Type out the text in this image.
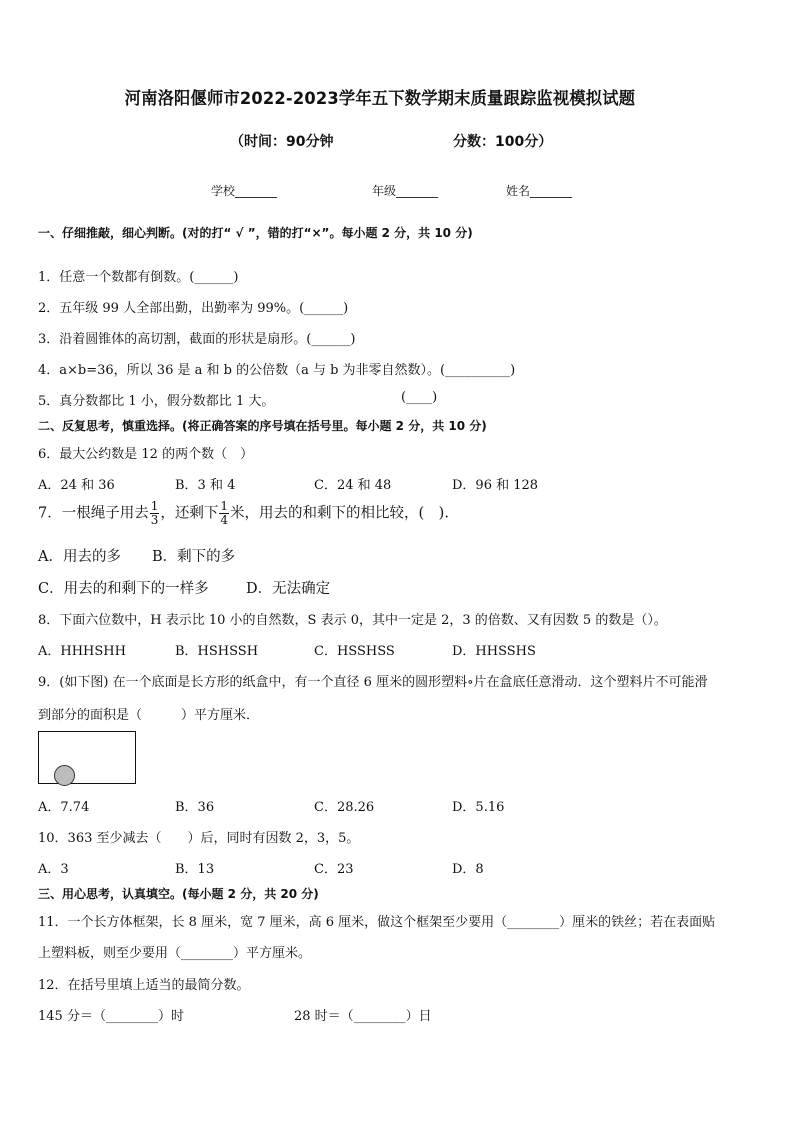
河南洛阳偃师市2022-2023学年五下数学期末质量跟踪监视模拟试题
（时间：90分钟	分数：100分）
学校_______	年级_______	姓名_______
一、仔细推敲，细心判断。(对的打“ √ ”，错的打“×”。每小题 2 分，共 10 分)
1．任意一个数都有倒数。(______)
2．五年级 99 人全部出勤，出勤率为 99%。(______)
3．沿着圆锥体的高切割，截面的形状是扇形。(______)
4．a×b=36，所以 36 是 a 和 b 的公倍数（a 与 b 为非零自然数）。(__________)
5．真分数都比 1 小，假分数都比 1 大。	(____)
二、反复思考，慎重选择。(将正确答案的序号填在括号里。每小题 2 分，共 10 分)
6．最大公约数是 12 的两个数（　）
A．24 和 36	B．3 和 4	C．24 和 48	D．96 和 128
7．一根绳子用去 $\frac{1}{3}$ ，还剩下 $\frac{1}{4}$ 米，用去的和剩下的相比较，(　).
A．用去的多 B．剩下的多
C．用去的和剩下的一样多	D．无法确定
8．下面六位数中，H 表示比 10 小的自然数，S 表示 0，其中一定是 2，3 的倍数、又有因数 5 的数是（）。
A．HHHSHH	B．HSHSSH	C．HSSHSS	D．HHSSHS
9．(如下图) 在一个底面是长方形的纸盒中，有一个直径 6 厘米的圆形塑料∘片在盒底任意滑动．这个塑料片不可能滑
到部分的面积是（　　　）平方厘米．
A．7.74	B．36	C．28.26	D．5.16
10．363 至少减去（　　）后，同时有因数 2，3，5。
A．3	B．13	C．23	D．8
三、用心思考，认真填空。(每小题 2 分，共 20 分)
11．一个长方体框架，长 8 厘米，宽 7 厘米，高 6 厘米，做这个框架至少要用（________）厘米的铁丝；若在表面贴
上塑料板，则至少要用（________）平方厘米。
12．在括号里填上适当的最简分数。
145 分＝（________）时	28 时＝（________）日
